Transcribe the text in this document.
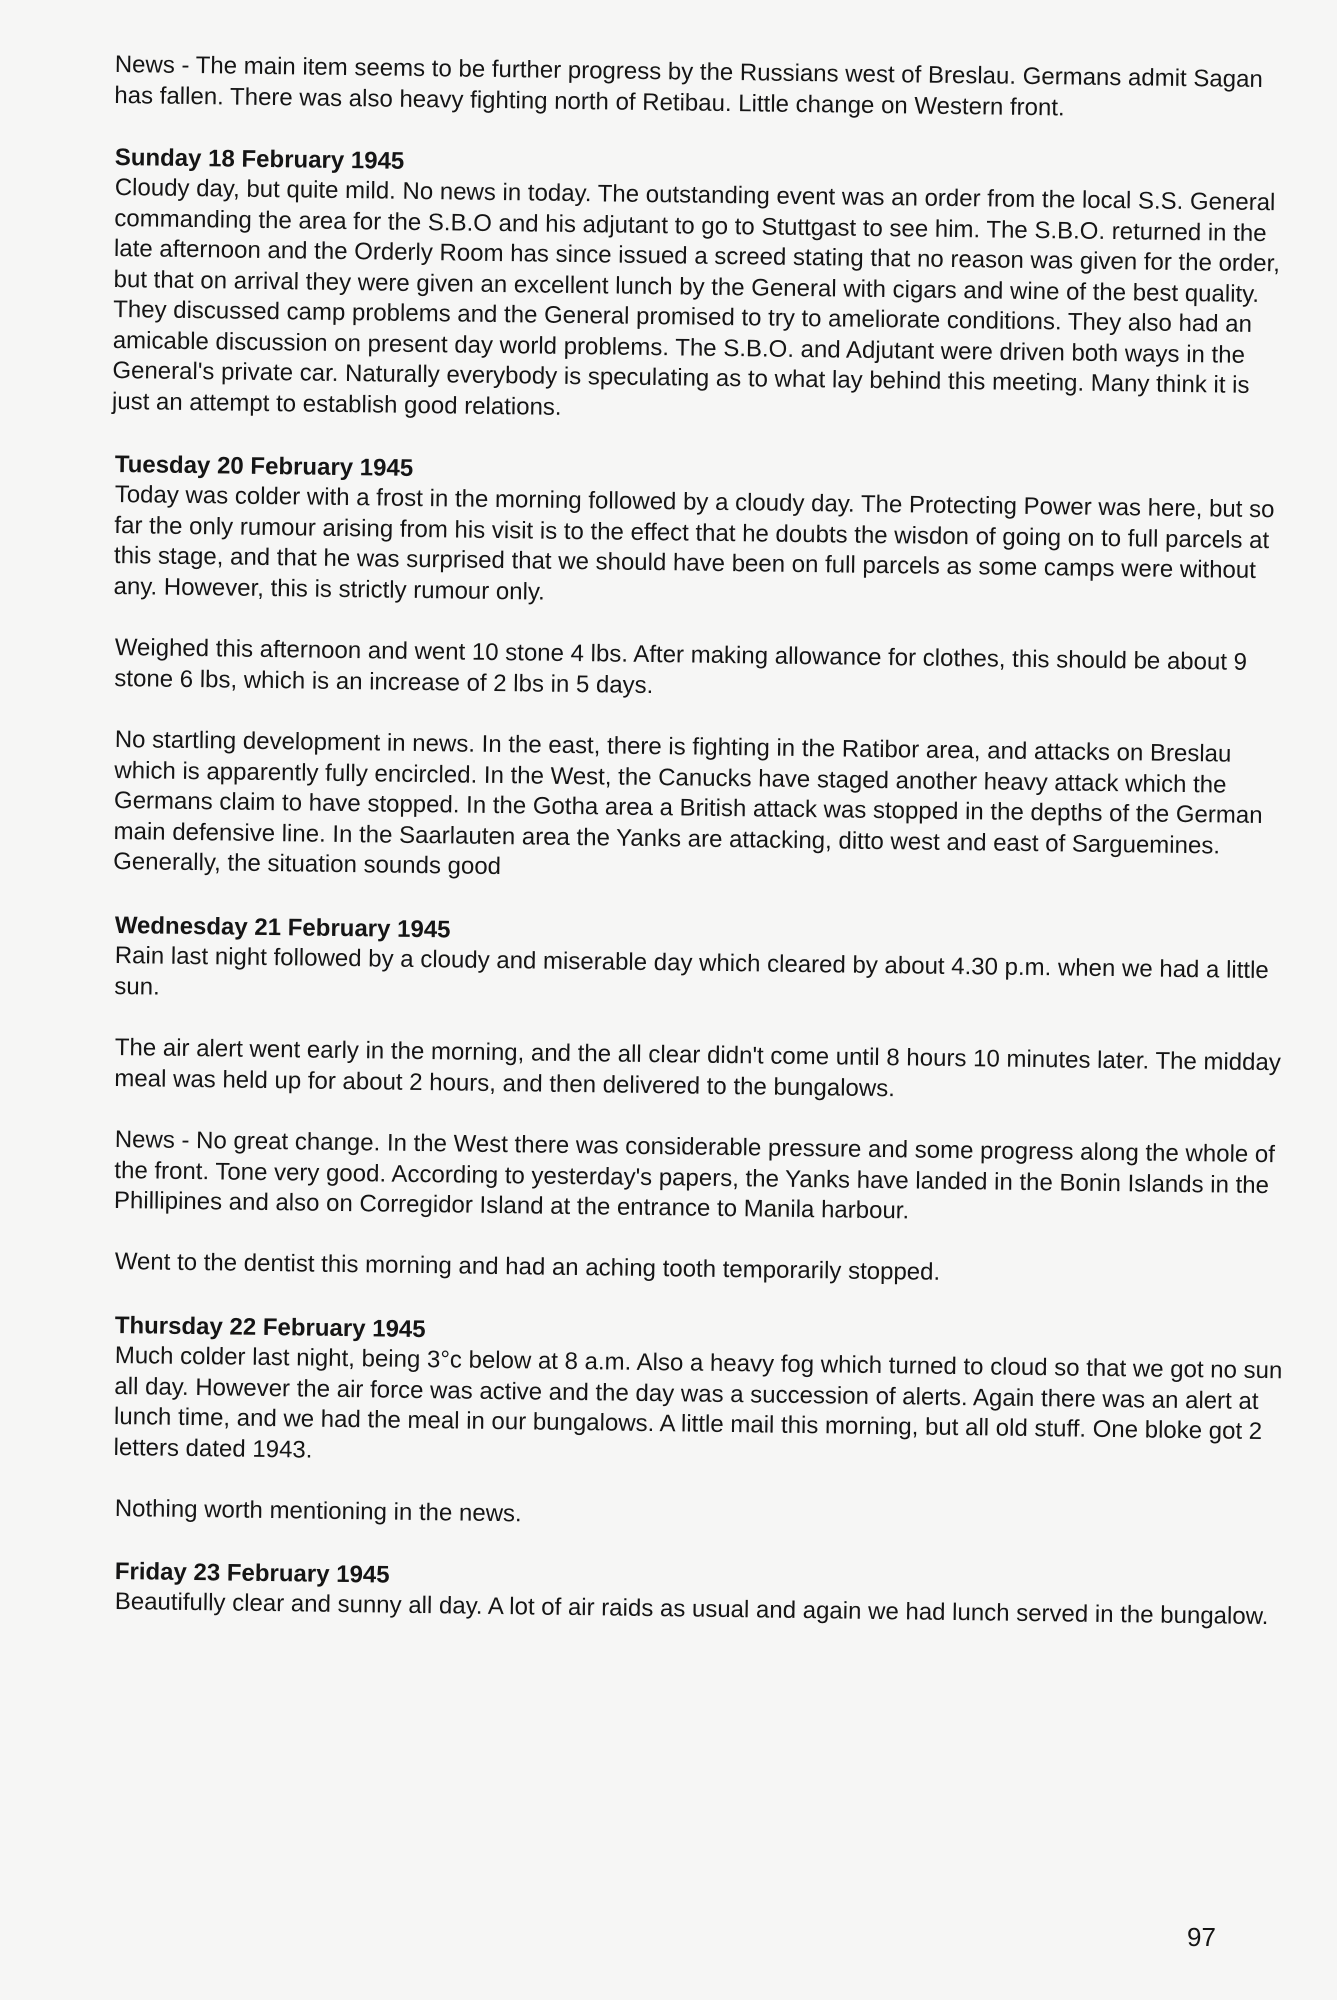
News - The main item seems to be further progress by the Russians west of Breslau. Germans admit Sagan has fallen. There was also heavy fighting north of Retibau. Little change on Western front.

Sunday 18 February 1945

Cloudy day, but quite mild. No news in today. The outstanding event was an order from the local S.S. General commanding the area for the S.B.O and his adjutant to go to Stuttgast to see him. The S.B.O. returned in the late afternoon and the Orderly Room has since issued a screed stating that no reason was given for the order, but that on arrival they were given an excellent lunch by the General with cigars and wine of the best quality. They discussed camp problems and the General promised to try to ameliorate conditions. They also had an amicable discussion on present day world problems. The S.B.O. and Adjutant were driven both ways in the General's private car. Naturally everybody is speculating as to what lay behind this meeting. Many think it is just an attempt to establish good relations.

Tuesday 20 February 1945

Today was colder with a frost in the morning followed by a cloudy day. The Protecting Power was here, but so far the only rumour arising from his visit is to the effect that he doubts the wisdon of going on to full parcels at this stage, and that he was surprised that we should have been on full parcels as some camps were without any. However, this is strictly rumour only.

Weighed this afternoon and went 10 stone 4 lbs. After making allowance for clothes, this should be about 9 stone 6 lbs, which is an increase of 2 lbs in 5 days.

No startling development in news. In the east, there is fighting in the Ratibor area, and attacks on Breslau which is apparently fully encircled. In the West, the Canucks have staged another heavy attack which the Germans claim to have stopped. In the Gotha area a British attack was stopped in the depths of the German main defensive line. In the Saarlauten area the Yanks are attacking, ditto west and east of Sarguemines. Generally, the situation sounds good

Wednesday 21 February 1945

Rain last night followed by a cloudy and miserable day which cleared by about 4.30 p.m. when we had a little sun.

The air alert went early in the morning, and the all clear didn't come until 8 hours 10 minutes later. The midday meal was held up for about 2 hours, and then delivered to the bungalows.

News - No great change. In the West there was considerable pressure and some progress along the whole of the front. Tone very good. According to yesterday's papers, the Yanks have landed in the Bonin Islands in the Phillipines and also on Corregidor Island at the entrance to Manila harbour.

Went to the dentist this morning and had an aching tooth temporarily stopped.

Thursday 22 February 1945

Much colder last night, being 3°c below at 8 a.m. Also a heavy fog which turned to cloud so that we got no sun all day. However the air force was active and the day was a succession of alerts. Again there was an alert at lunch time, and we had the meal in our bungalows. A little mail this morning, but all old stuff. One bloke got 2 letters dated 1943.

Nothing worth mentioning in the news.

Friday 23 February 1945

Beautifully clear and sunny all day. A lot of air raids as usual and again we had lunch served in the bungalow.

97
